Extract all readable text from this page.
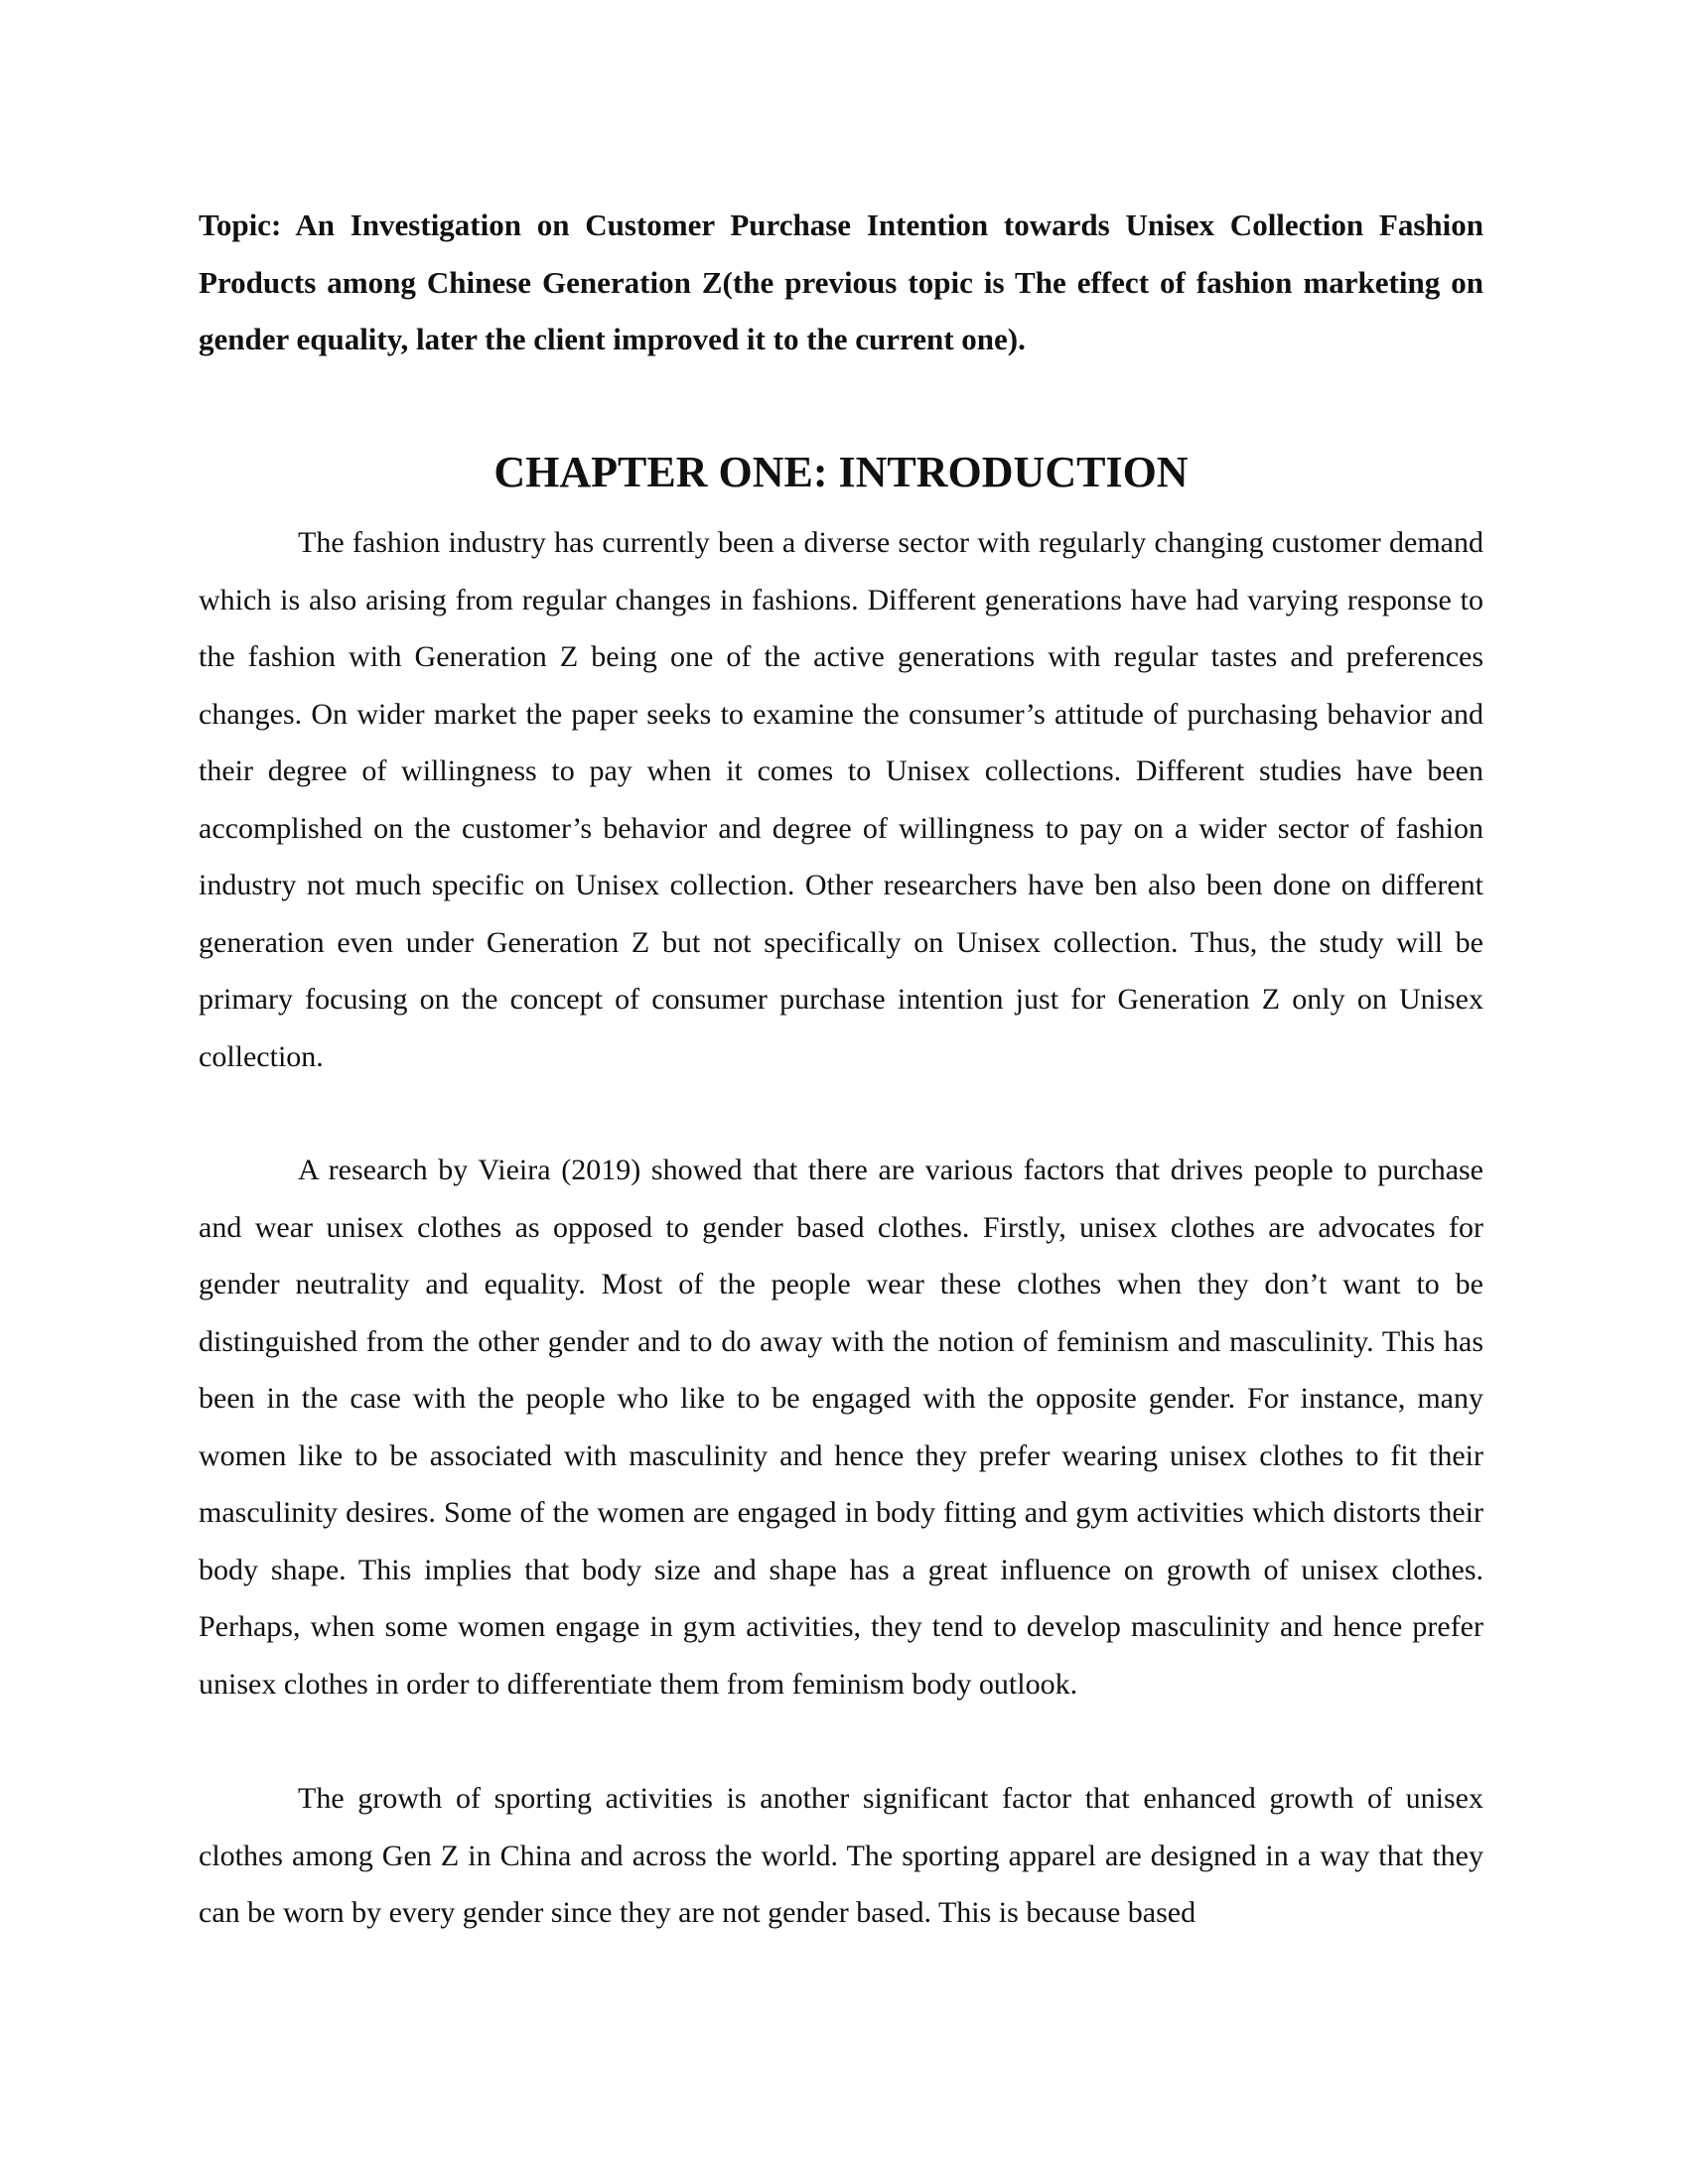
Topic: An Investigation on Customer Purchase Intention towards Unisex Collection Fashion Products among Chinese Generation Z(the previous topic is The effect of fashion marketing on gender equality, later the client improved it to the current one).

CHAPTER ONE: INTRODUCTION

The fashion industry has currently been a diverse sector with regularly changing customer demand which is also arising from regular changes in fashions. Different generations have had varying response to the fashion with Generation Z being one of the active generations with regular tastes and preferences changes. On wider market the paper seeks to examine the consumer’s attitude of purchasing behavior and their degree of willingness to pay when it comes to Unisex collections. Different studies have been accomplished on the customer’s behavior and degree of willingness to pay on a wider sector of fashion industry not much specific on Unisex collection. Other researchers have ben also been done on different generation even under Generation Z but not specifically on Unisex collection. Thus, the study will be primary focusing on the concept of consumer purchase intention just for Generation Z only on Unisex collection.

A research by Vieira (2019) showed that there are various factors that drives people to purchase and wear unisex clothes as opposed to gender based clothes. Firstly, unisex clothes are advocates for gender neutrality and equality. Most of the people wear these clothes when they don’t want to be distinguished from the other gender and to do away with the notion of feminism and masculinity. This has been in the case with the people who like to be engaged with the opposite gender. For instance, many women like to be associated with masculinity and hence they prefer wearing unisex clothes to fit their masculinity desires. Some of the women are engaged in body fitting and gym activities which distorts their body shape. This implies that body size and shape has a great influence on growth of unisex clothes. Perhaps, when some women engage in gym activities, they tend to develop masculinity and hence prefer unisex clothes in order to differentiate them from feminism body outlook.

The growth of sporting activities is another significant factor that enhanced growth of unisex clothes among Gen Z in China and across the world. The sporting apparel are designed in a way that they can be worn by every gender since they are not gender based. This is because based
